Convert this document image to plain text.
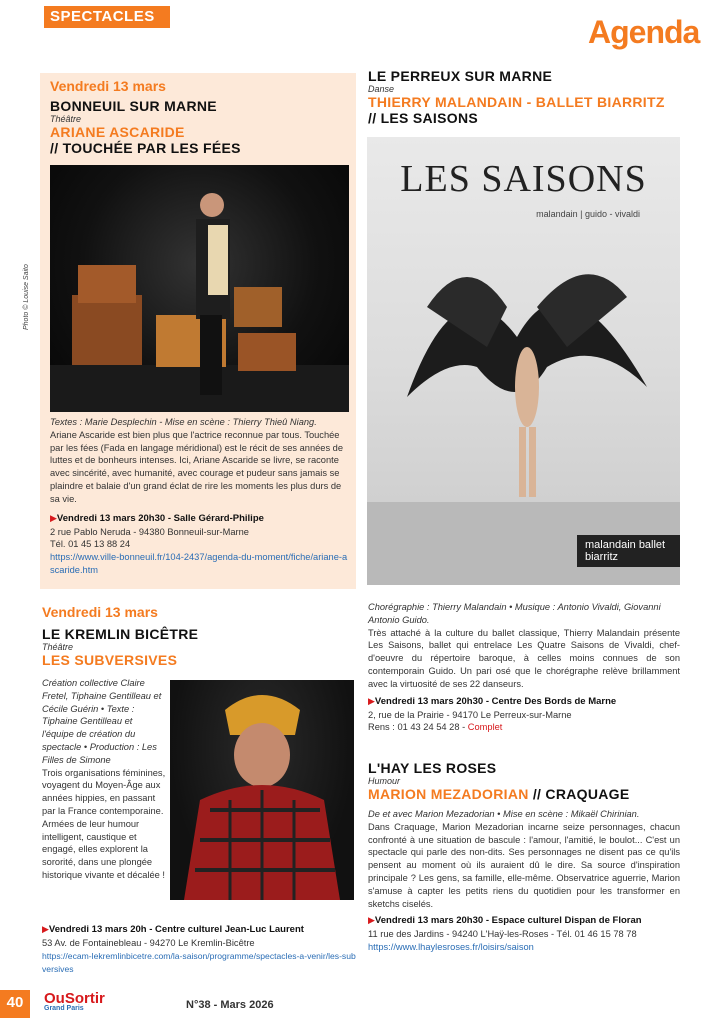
SPECTACLES	Agenda
Vendredi 13 mars
BONNEUIL SUR MARNE
Théâtre
ARIANE ASCARIDE
// TOUCHÉE PAR LES FÉES
Photo © Louise Saito
Textes : Marie Desplechin - Mise en scène : Thierry Thieû Niang.
Ariane Ascaride est bien plus que l'actrice reconnue par tous. Touchée par les fées (Fada en langage méridional) est le récit de ses années de luttes et de bonheurs intenses. Ici, Ariane Ascaride se livre, se raconte avec sincérité, avec humanité, avec courage et pudeur sans jamais se plaindre et balaie d'un grand éclat de rire les moments les plus durs de sa vie.
▶Vendredi 13 mars 20h30 - Salle Gérard-Philipe
2 rue Pablo Neruda - 94380 Bonneuil-sur-Marne
Tél. 01 45 13 88 24
https://www.ville-bonneuil.fr/104-2437/agenda-du-moment/fiche/ariane-ascaride.htm
LE PERREUX SUR MARNE
Danse
THIERRY MALANDAIN - BALLET BIARRITZ
// LES SAISONS
LES SAISONS
malandain | guido - vivaldi
malandain ballet biarritz
Chorégraphie : Thierry Malandain • Musique : Antonio Vivaldi, Giovanni Antonio Guido.
Très attaché à la culture du ballet classique, Thierry Malandain présente Les Saisons, ballet qui entrelace Les Quatre Saisons de Vivaldi, chef-d'oeuvre du répertoire baroque, à celles moins connues de son contemporain Guido. Un pari osé que le chorégraphe relève brillamment avec la virtuosité de ses 22 danseurs.
▶Vendredi 13 mars 20h30 - Centre Des Bords de Marne
2, rue de la Prairie - 94170 Le Perreux-sur-Marne
Rens : 01 43 24 54 28 - Complet
Vendredi 13 mars
LE KREMLIN BICÊTRE
Théâtre
LES SUBVERSIVES
Création collective Claire Fretel, Tiphaine Gentilleau et Cécile Guérin • Texte : Tiphaine Gentilleau et l'équipe de création du spectacle • Production : Les Filles de Simone
Trois organisations féminines, voyagent du Moyen-Âge aux années hippies, en passant par la France contemporaine. Armées de leur humour intelligent, caustique et engagé, elles explorent la sororité, dans une plongée historique vivante et décalée !
▶Vendredi 13 mars 20h - Centre culturel Jean-Luc Laurent
53 Av. de Fontainebleau - 94270 Le Kremlin-Bicêtre
https://ecam-lekremlinbicetre.com/la-saison/programme/spectacles-a-venir/les-subversives
L'HAY LES ROSES
Humour
MARION MEZADORIAN // CRAQUAGE
De et avec Marion Mezadorian • Mise en scène : Mikaël Chirinian.
Dans Craquage, Marion Mezadorian incarne seize personnages, chacun confronté à une situation de bascule : l'amour, l'amitié, le boulot... C'est un spectacle qui parle des non-dits. Ses personnages ne disent pas ce qu'ils pensent au moment où ils auraient dû le dire. Sa source d'inspiration principale ? Les gens, sa famille, elle-même. Observatrice aguerrie, Marion s'amuse à capter les petits riens du quotidien pour les transformer en sketchs ciselés.
▶Vendredi 13 mars 20h30 - Espace culturel Dispan de Floran
11 rue des Jardins - 94240 L'Haÿ-les-Roses - Tél. 01 46 15 78 78
https://www.lhaylesroses.fr/loisirs/saison
40	OuSortir
Grand Paris	N°38 - Mars 2026
